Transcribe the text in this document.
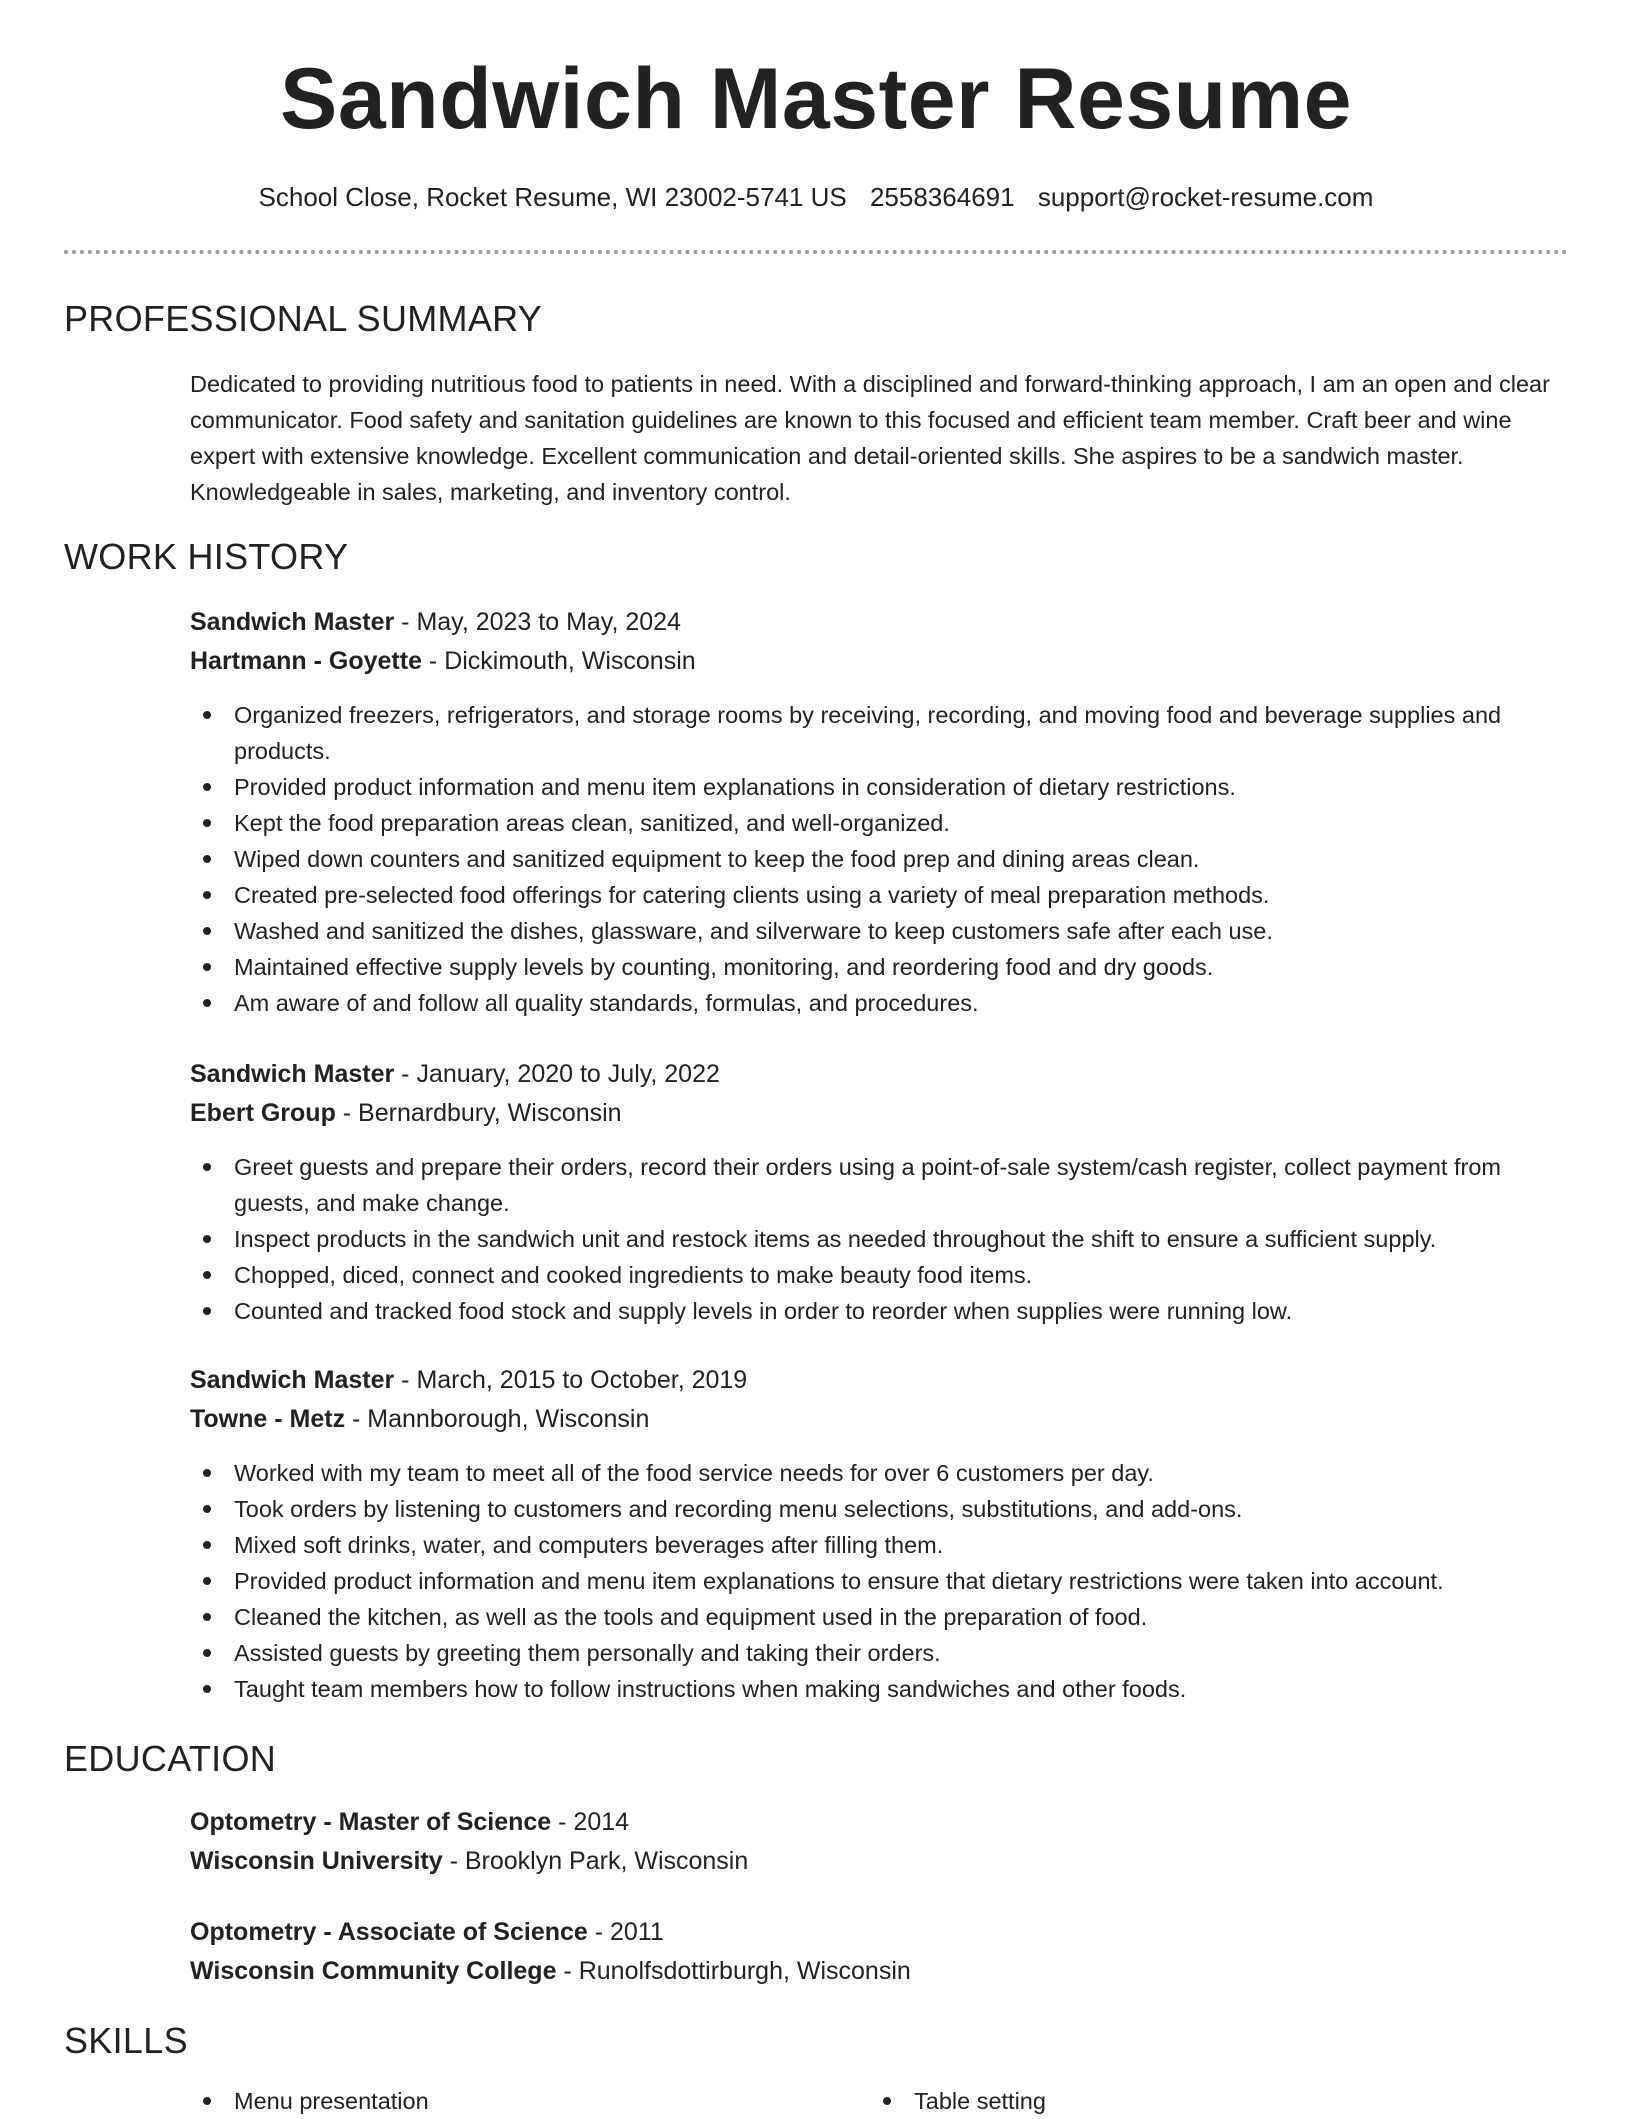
Sandwich Master Resume
School Close, Rocket Resume, WI 23002-5741 US 2558364691 support@rocket-resume.com
PROFESSIONAL SUMMARY

Dedicated to providing nutritious food to patients in need. With a disciplined and forward-thinking approach, I am an open and clear communicator. Food safety and sanitation guidelines are known to this focused and efficient team member. Craft beer and wine expert with extensive knowledge. Excellent communication and detail-oriented skills. She aspires to be a sandwich master. Knowledgeable in sales, marketing, and inventory control.

WORK HISTORY
Sandwich Master - May, 2023 to May, 2024
Hartmann - Goyette - Dickimouth, Wisconsin
Organized freezers, refrigerators, and storage rooms by receiving, recording, and moving food and beverage supplies and products.
Provided product information and menu item explanations in consideration of dietary restrictions.
Kept the food preparation areas clean, sanitized, and well-organized.
Wiped down counters and sanitized equipment to keep the food prep and dining areas clean.
Created pre-selected food offerings for catering clients using a variety of meal preparation methods.
Washed and sanitized the dishes, glassware, and silverware to keep customers safe after each use.
Maintained effective supply levels by counting, monitoring, and reordering food and dry goods.
Am aware of and follow all quality standards, formulas, and procedures.
Sandwich Master - January, 2020 to July, 2022
Ebert Group - Bernardbury, Wisconsin
Greet guests and prepare their orders, record their orders using a point-of-sale system/cash register, collect payment from guests, and make change.
Inspect products in the sandwich unit and restock items as needed throughout the shift to ensure a sufficient supply.
Chopped, diced, connect and cooked ingredients to make beauty food items.
Counted and tracked food stock and supply levels in order to reorder when supplies were running low.
Sandwich Master - March, 2015 to October, 2019
Towne - Metz - Mannborough, Wisconsin
Worked with my team to meet all of the food service needs for over 6 customers per day.
Took orders by listening to customers and recording menu selections, substitutions, and add-ons.
Mixed soft drinks, water, and computers beverages after filling them.
Provided product information and menu item explanations to ensure that dietary restrictions were taken into account.
Cleaned the kitchen, as well as the tools and equipment used in the preparation of food.
Assisted guests by greeting them personally and taking their orders.
Taught team members how to follow instructions when making sandwiches and other foods.
EDUCATION
Optometry - Master of Science - 2014
Wisconsin University - Brooklyn Park, Wisconsin
Optometry - Associate of Science - 2011
Wisconsin Community College - Runolfsdottirburgh, Wisconsin
SKILLS
Menu presentation	Table setting
